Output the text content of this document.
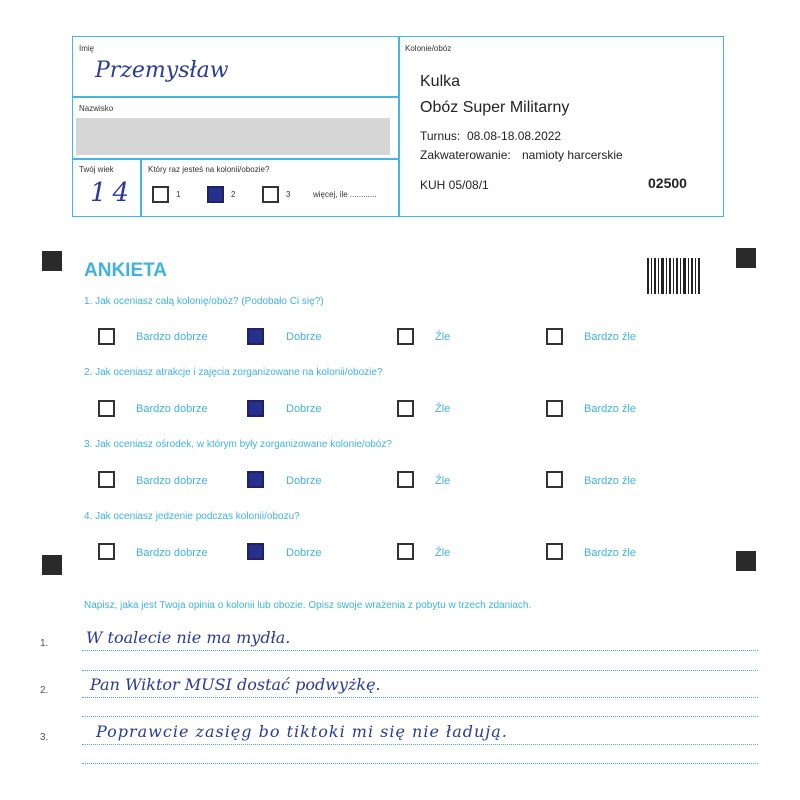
Imię
Przemysław
Nazwisko
Twój wiek
14
Który raz jesteś na kolonii/obozie?
1	2	3	więcej, ile ............
Kolonie/obóz
Kulka
Obóz Super Militarny
Turnus: 08.08-18.08.2022
Zakwaterowanie: namioty harcerskie
KUH 05/08/1	02500
ANKIETA
1. Jak oceniasz całą kolonię/obóz? (Podobało Ci się?)
Bardzo dobrze	Dobrze	Źle	Bardzo źle
2. Jak oceniasz atrakcje i zajęcia zorganizowane na kolonii/obozie?
Bardzo dobrze	Dobrze	Źle	Bardzo źle
3. Jak oceniasz ośrodek, w którym były zorganizowane kolonie/obóz?
Bardzo dobrze	Dobrze	Źle	Bardzo źle
4. Jak oceniasz jedzenie podczas kolonii/obozu?
Bardzo dobrze	Dobrze	Źle	Bardzo źle
Napisz, jaka jest Twoja opinia o kolonii lub obozie. Opisz swoje wrażenia z pobytu w trzech zdaniach.
1. W toalecie nie ma mydła.
2.	Pan Wiktor MUSI dostać podwyżkę.
3.	Poprawcie zasięg bo tiktoki mi się nie ładują.
